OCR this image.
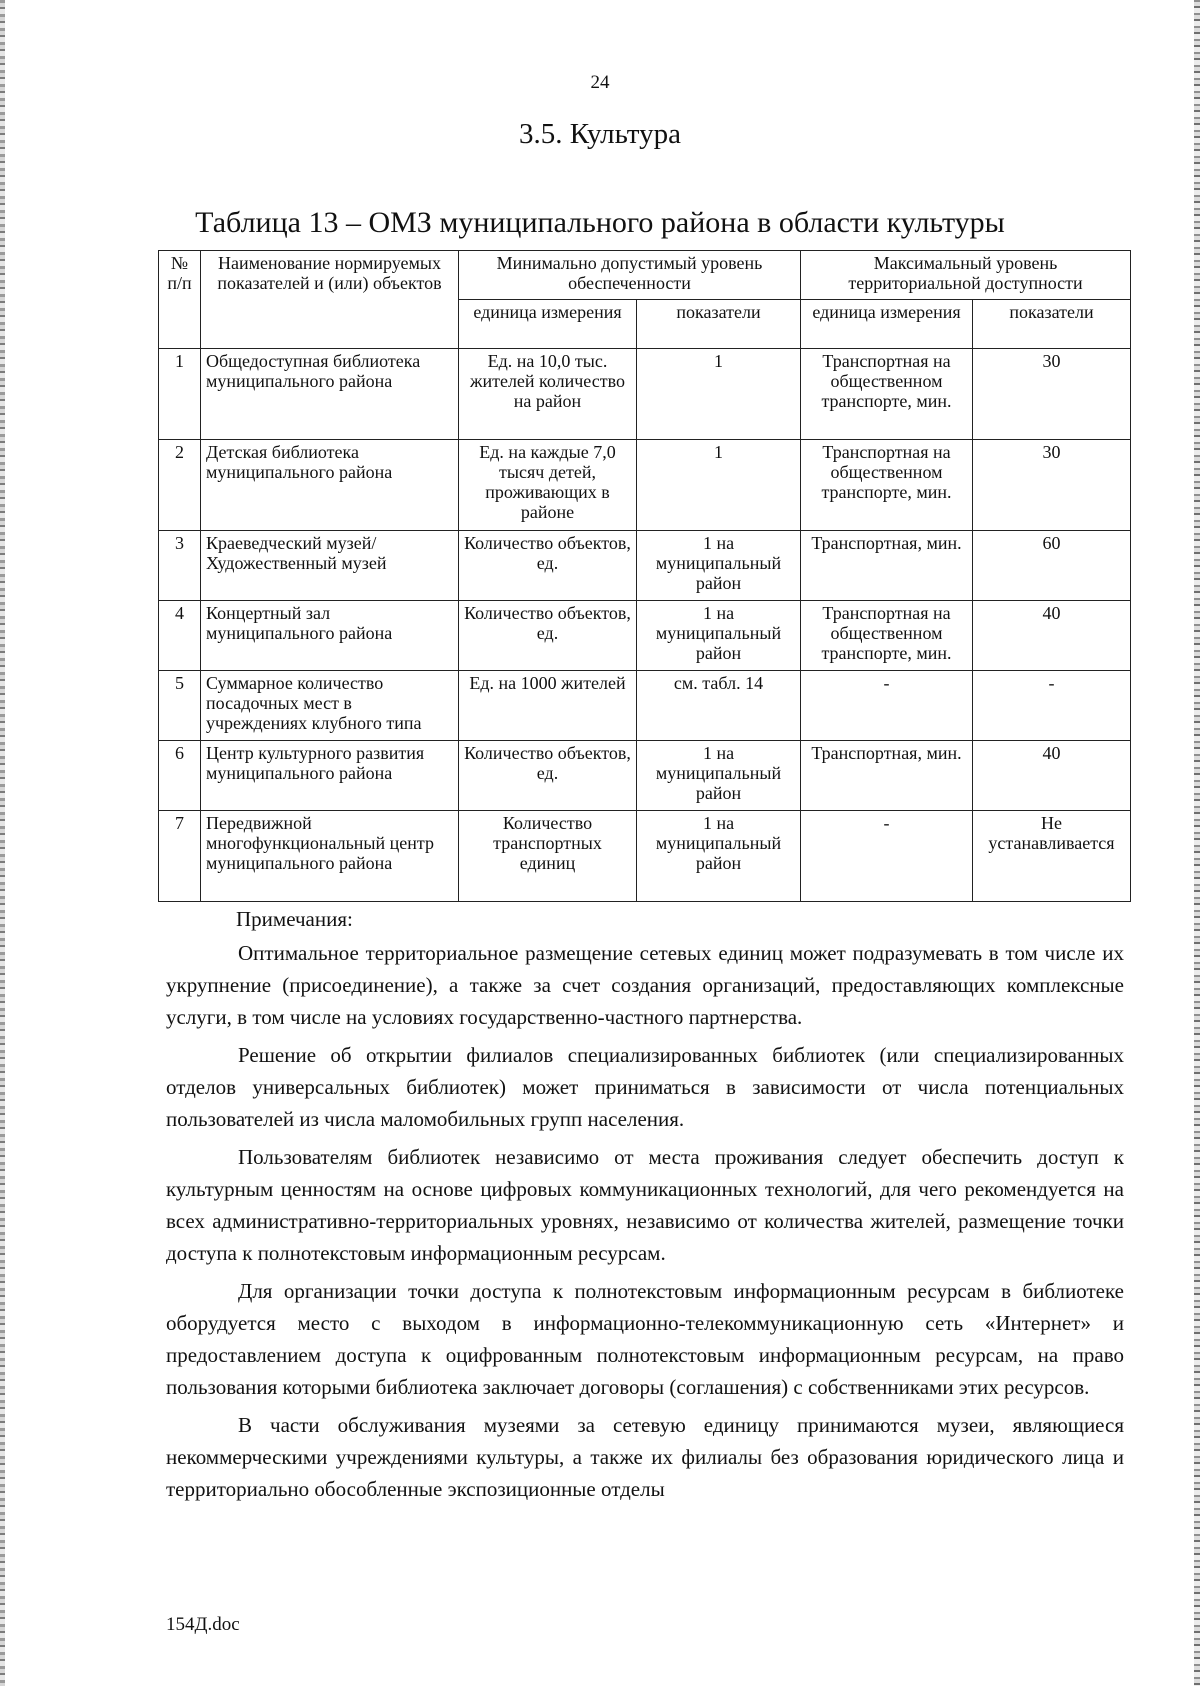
24
3.5. Культура
Таблица 13 – ОМЗ муниципального района в области культуры
№ п/п	Наименование нормируемых показателей и (или) объектов	Минимально допустимый уровень обеспеченности		Максимальный уровень территориальной доступности	
		единица измерения	показатели	единица измерения	показатели
1	Общедоступная библиотека муниципального района	Ед. на 10,0 тыс. жителей количество на район	1	Транспортная на общественном транспорте, мин.	30
2	Детская библиотека муниципального района	Ед. на каждые 7,0 тысяч детей, проживающих в районе	1	Транспортная на общественном транспорте, мин.	30
3	Краеведческий музей/ Художественный музей	Количество объектов, ед.	1 на муниципальный район	Транспортная, мин.	60
4	Концертный зал муниципального района	Количество объектов, ед.	1 на муниципальный район	Транспортная на общественном транспорте, мин.	40
5	Суммарное количество посадочных мест в учреждениях клубного типа	Ед. на 1000 жителей	см. табл. 14	-	-
6	Центр культурного развития муниципального района	Количество объектов, ед.	1 на муниципальный район	Транспортная, мин.	40
7	Передвижной многофункциональный центр муниципального района	Количество транспортных единиц	1 на муниципальный район	-	Не устанавливается
Примечания:

Оптимальное территориальное размещение сетевых единиц может подразумевать в том числе их укрупнение (присоединение), а также за счет создания организаций, предоставляющих комплексные услуги, в том числе на условиях государственно-частного партнерства.

Решение об открытии филиалов специализированных библиотек (или специализированных отделов универсальных библиотек) может приниматься в зависимости от числа потенциальных пользователей из числа маломобильных групп населения.

Пользователям библиотек независимо от места проживания следует обеспечить доступ к культурным ценностям на основе цифровых коммуникационных технологий, для чего рекомендуется на всех административно-территориальных уровнях, независимо от количества жителей, размещение точки доступа к полнотекстовым информационным ресурсам.

Для организации точки доступа к полнотекстовым информационным ресурсам в библиотеке оборудуется место с выходом в информационно-телекоммуникационную сеть «Интернет» и предоставлением доступа к оцифрованным полнотекстовым информационным ресурсам, на право пользования которыми библиотека заключает договоры (соглашения) с собственниками этих ресурсов.

В части обслуживания музеями за сетевую единицу принимаются музеи, являющиеся некоммерческими учреждениями культуры, а также их филиалы без образования юридического лица и территориально обособленные экспозиционные отделы

154Д.doc
